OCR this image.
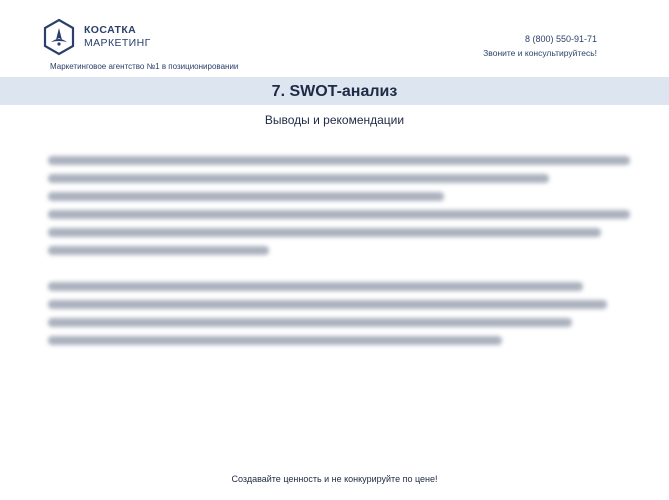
КОСАТКА
МАРКЕТИНГ
Маркетинговое агентство №1 в позиционировании
8 (800) 550-91-71
Звоните и консультируйтесь!
7. SWOT-анализ
Выводы и рекомендации
Создавайте ценность и не конкурируйте по цене!
